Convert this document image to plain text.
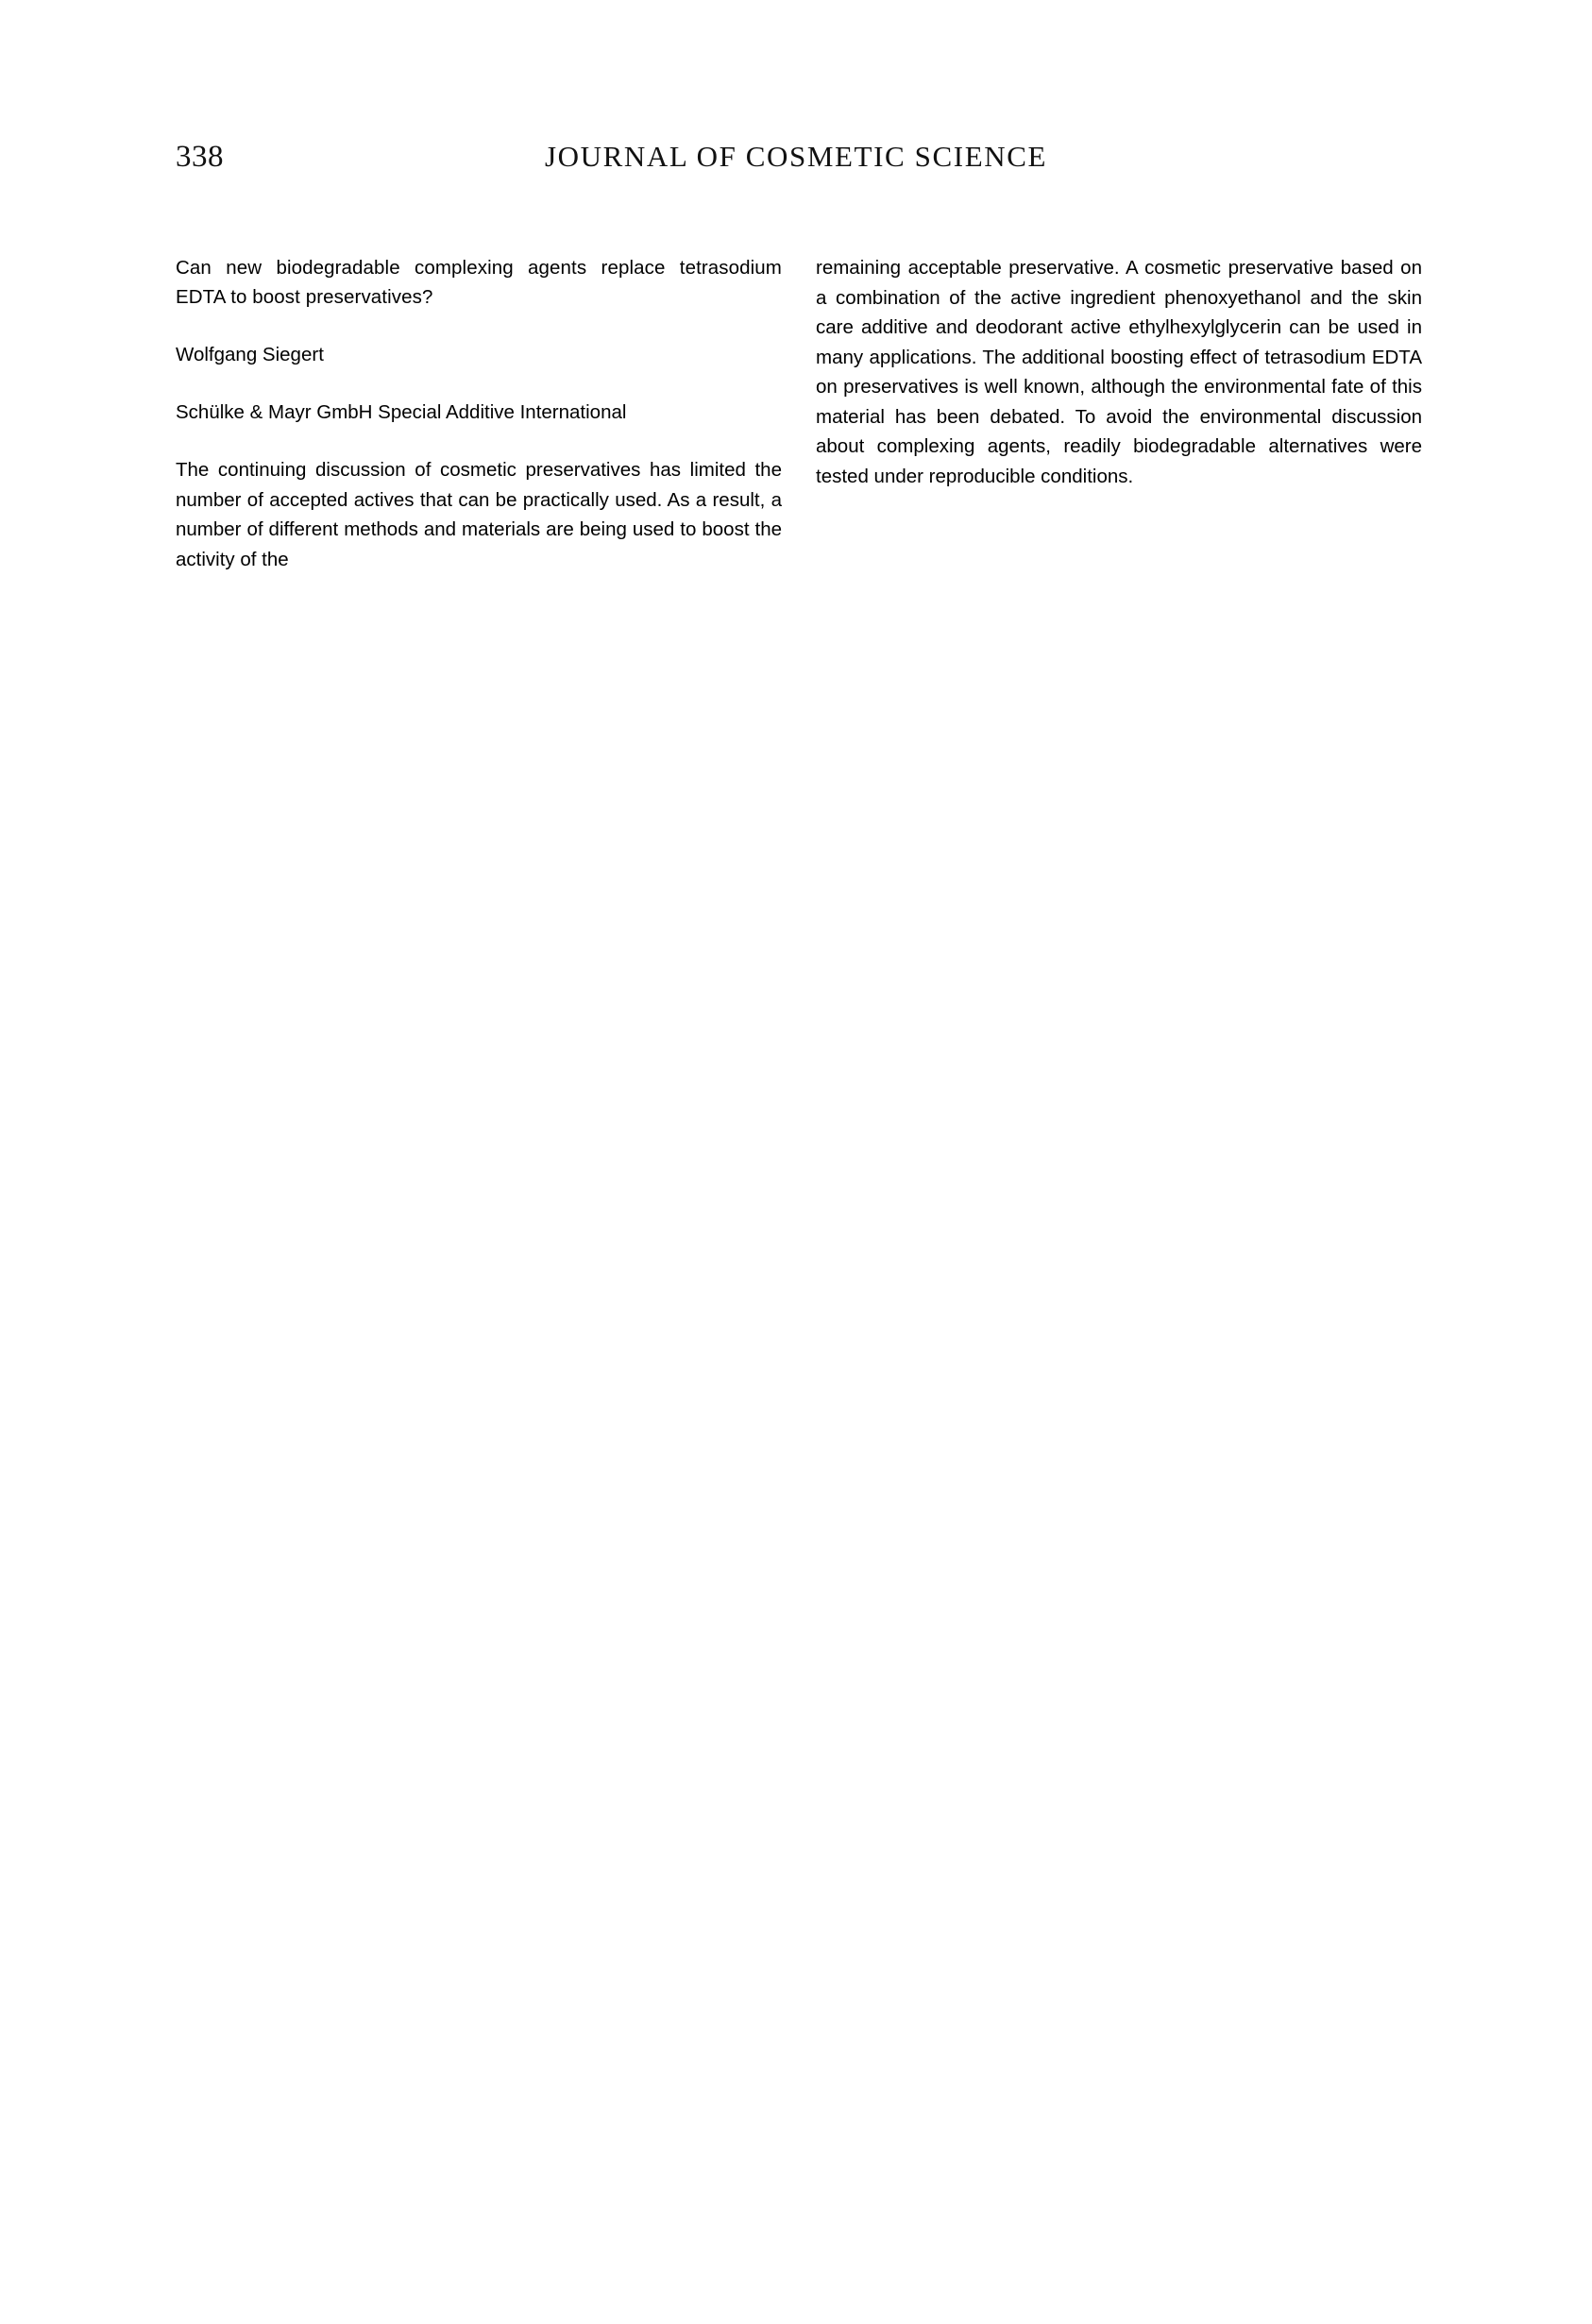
338	JOURNAL OF COSMETIC SCIENCE
Can new biodegradable complexing agents replace tetrasodium EDTA to boost preservatives?

Wolfgang Siegert

Schülke & Mayr GmbH Special Additive International

The continuing discussion of cosmetic preservatives has limited the number of accepted actives that can be practically used. As a result, a number of different methods and materials are being used to boost the activity of the

remaining acceptable preservative. A cosmetic preservative based on a combination of the active ingredient phenoxyethanol and the skin care additive and deodorant active ethylhexylglycerin can be used in many applications. The additional boosting effect of tetrasodium EDTA on preservatives is well known, although the environmental fate of this material has been debated. To avoid the environmental discussion about complexing agents, readily biodegradable alternatives were tested under reproducible conditions.
